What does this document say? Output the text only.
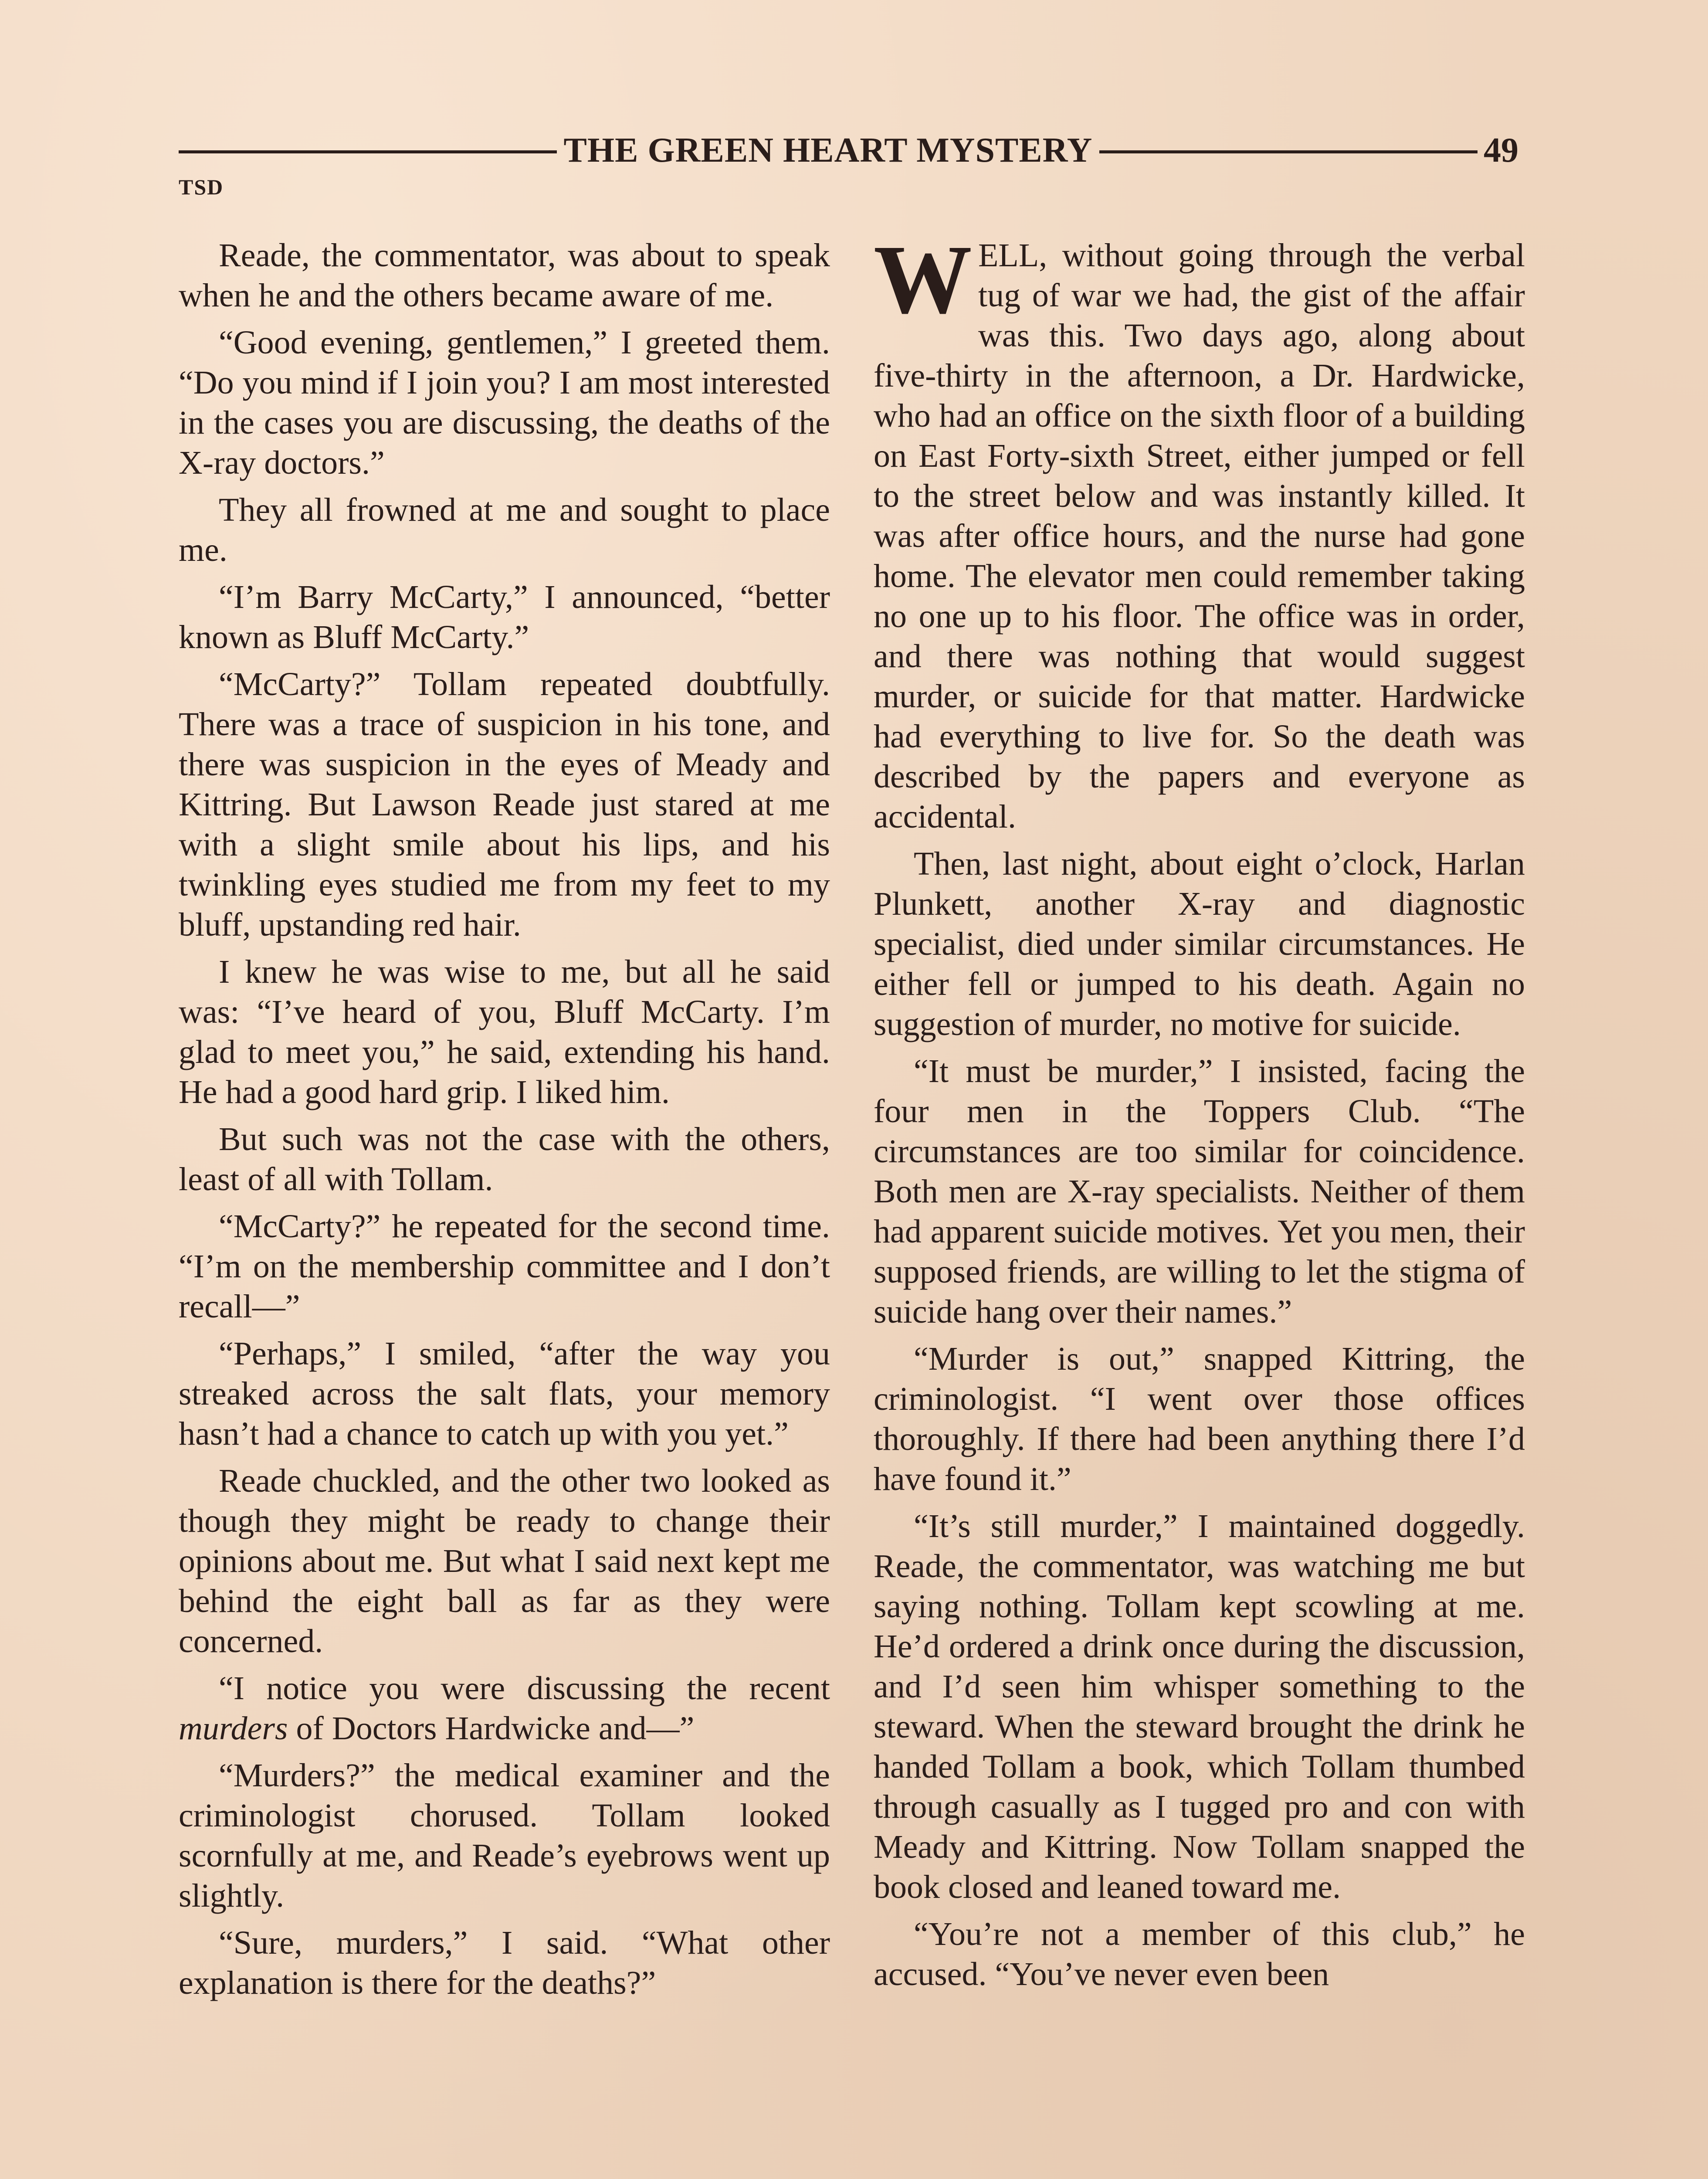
THE GREEN HEART MYSTERY	49
TSD

Reade, the commentator, was about to speak when he and the others became aware of me.

“Good evening, gentlemen,” I greeted them. “Do you mind if I join you? I am most interested in the cases you are discussing, the deaths of the X-ray doctors.”

They all frowned at me and sought to place me.

“I’m Barry McCarty,” I announced, “better known as Bluff McCarty.”

“McCarty?” Tollam repeated doubtfully. There was a trace of suspicion in his tone, and there was suspicion in the eyes of Meady and Kittring. But Lawson Reade just stared at me with a slight smile about his lips, and his twinkling eyes studied me from my feet to my bluff, upstanding red hair.

I knew he was wise to me, but all he said was: “I’ve heard of you, Bluff McCarty. I’m glad to meet you,” he said, extending his hand. He had a good hard grip. I liked him.

But such was not the case with the others, least of all with Tollam.

“McCarty?” he repeated for the second time. “I’m on the membership committee and I don’t recall—”

“Perhaps,” I smiled, “after the way you streaked across the salt flats, your memory hasn’t had a chance to catch up with you yet.”

Reade chuckled, and the other two looked as though they might be ready to change their opinions about me. But what I said next kept me behind the eight ball as far as they were concerned.

“I notice you were discussing the recent murders of Doctors Hardwicke and—”

“Murders?” the medical examiner and the criminologist chorused. Tollam looked scornfully at me, and Reade’s eyebrows went up slightly.

“Sure, murders,” I said. “What other explanation is there for the deaths?”

WELL, without going through the verbal tug of war we had, the gist of the affair was this. Two days ago, along about five-thirty in the afternoon, a Dr. Hardwicke, who had an office on the sixth floor of a building on East Forty-sixth Street, either jumped or fell to the street below and was instantly killed. It was after office hours, and the nurse had gone home. The elevator men could remember taking no one up to his floor. The office was in order, and there was nothing that would suggest murder, or suicide for that matter. Hardwicke had everything to live for. So the death was described by the papers and everyone as accidental.

Then, last night, about eight o’clock, Harlan Plunkett, another X-ray and diagnostic specialist, died under similar circumstances. He either fell or jumped to his death. Again no suggestion of murder, no motive for suicide.

“It must be murder,” I insisted, facing the four men in the Toppers Club. “The circumstances are too similar for coincidence. Both men are X-ray specialists. Neither of them had apparent suicide motives. Yet you men, their supposed friends, are willing to let the stigma of suicide hang over their names.”

“Murder is out,” snapped Kittring, the criminologist. “I went over those offices thoroughly. If there had been anything there I’d have found it.”

“It’s still murder,” I maintained doggedly. Reade, the commentator, was watching me but saying nothing. Tollam kept scowling at me. He’d ordered a drink once during the discussion, and I’d seen him whisper something to the steward. When the steward brought the drink he handed Tollam a book, which Tollam thumbed through casually as I tugged pro and con with Meady and Kittring. Now Tollam snapped the book closed and leaned toward me.

“You’re not a member of this club,” he accused. “You’ve never even been
